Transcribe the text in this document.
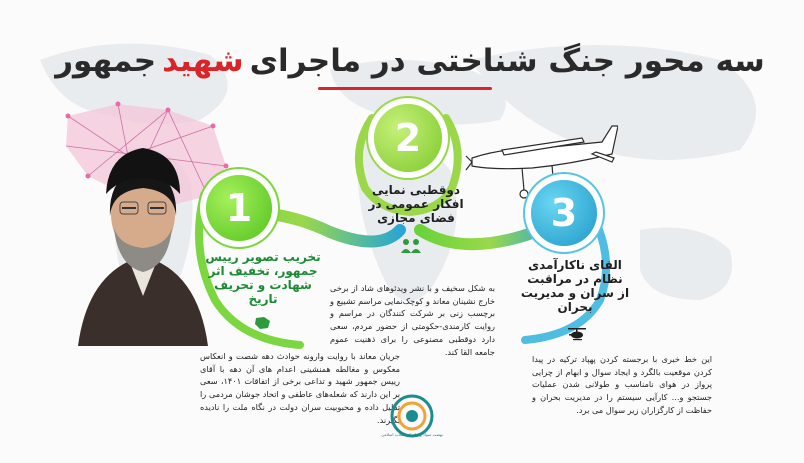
سه محور جنگ شناختی در ماجرای
شهید
جمهور
1
2
3
تخریب تصویر رییس جمهور، تخفیف اثر شهادت و تحریف تاریخ
دوقطبی نمایی افکار عمومی در فضای مجازی
القای ناکارآمدی نظام در مراقبت از سران و مدیریت بحران
جریان معاند با روایت وارونه حوادث دهه شصت و انعکاس معکوس و مغالطه همنشینی اعدام های آن دهه با آقای رییس جمهور شهید و تداعی برخی از اتفاقات ۱۴۰۱، سعی بر این دارند که شعله‌های عاطفی و اتحاد جوشان مردمی را تقلیل داده و محبوبیت سران دولت در نگاه ملت را نادیده بگیرند.
به شکل سخیف و با نشر ویدئوهای شاد از برخی خارج نشینان معاند و کوچک‌نمایی مراسم تشییع و برچسب زنی بر شرکت کنندگان در مراسم و روایت کارمندی-حکومتی از حضور مردم، سعی دارد دوقطبی مصنوعی را برای ذهنیت عموم جامعه القا کند.
این خط خبری با برجسته کردن پهپاد ترکیه در پیدا کردن موقعیت بالگرد و ایجاد سوال و ابهام از چرایی پرواز در هوای نامناسب و طولانی شدن عملیات جستجو و... کارآیی سیستم را در مدیریت بحران و حفاظت از کارگزاران زیر سوال می برد.
نهضت سواد رسانه ای انقلاب اسلامی
